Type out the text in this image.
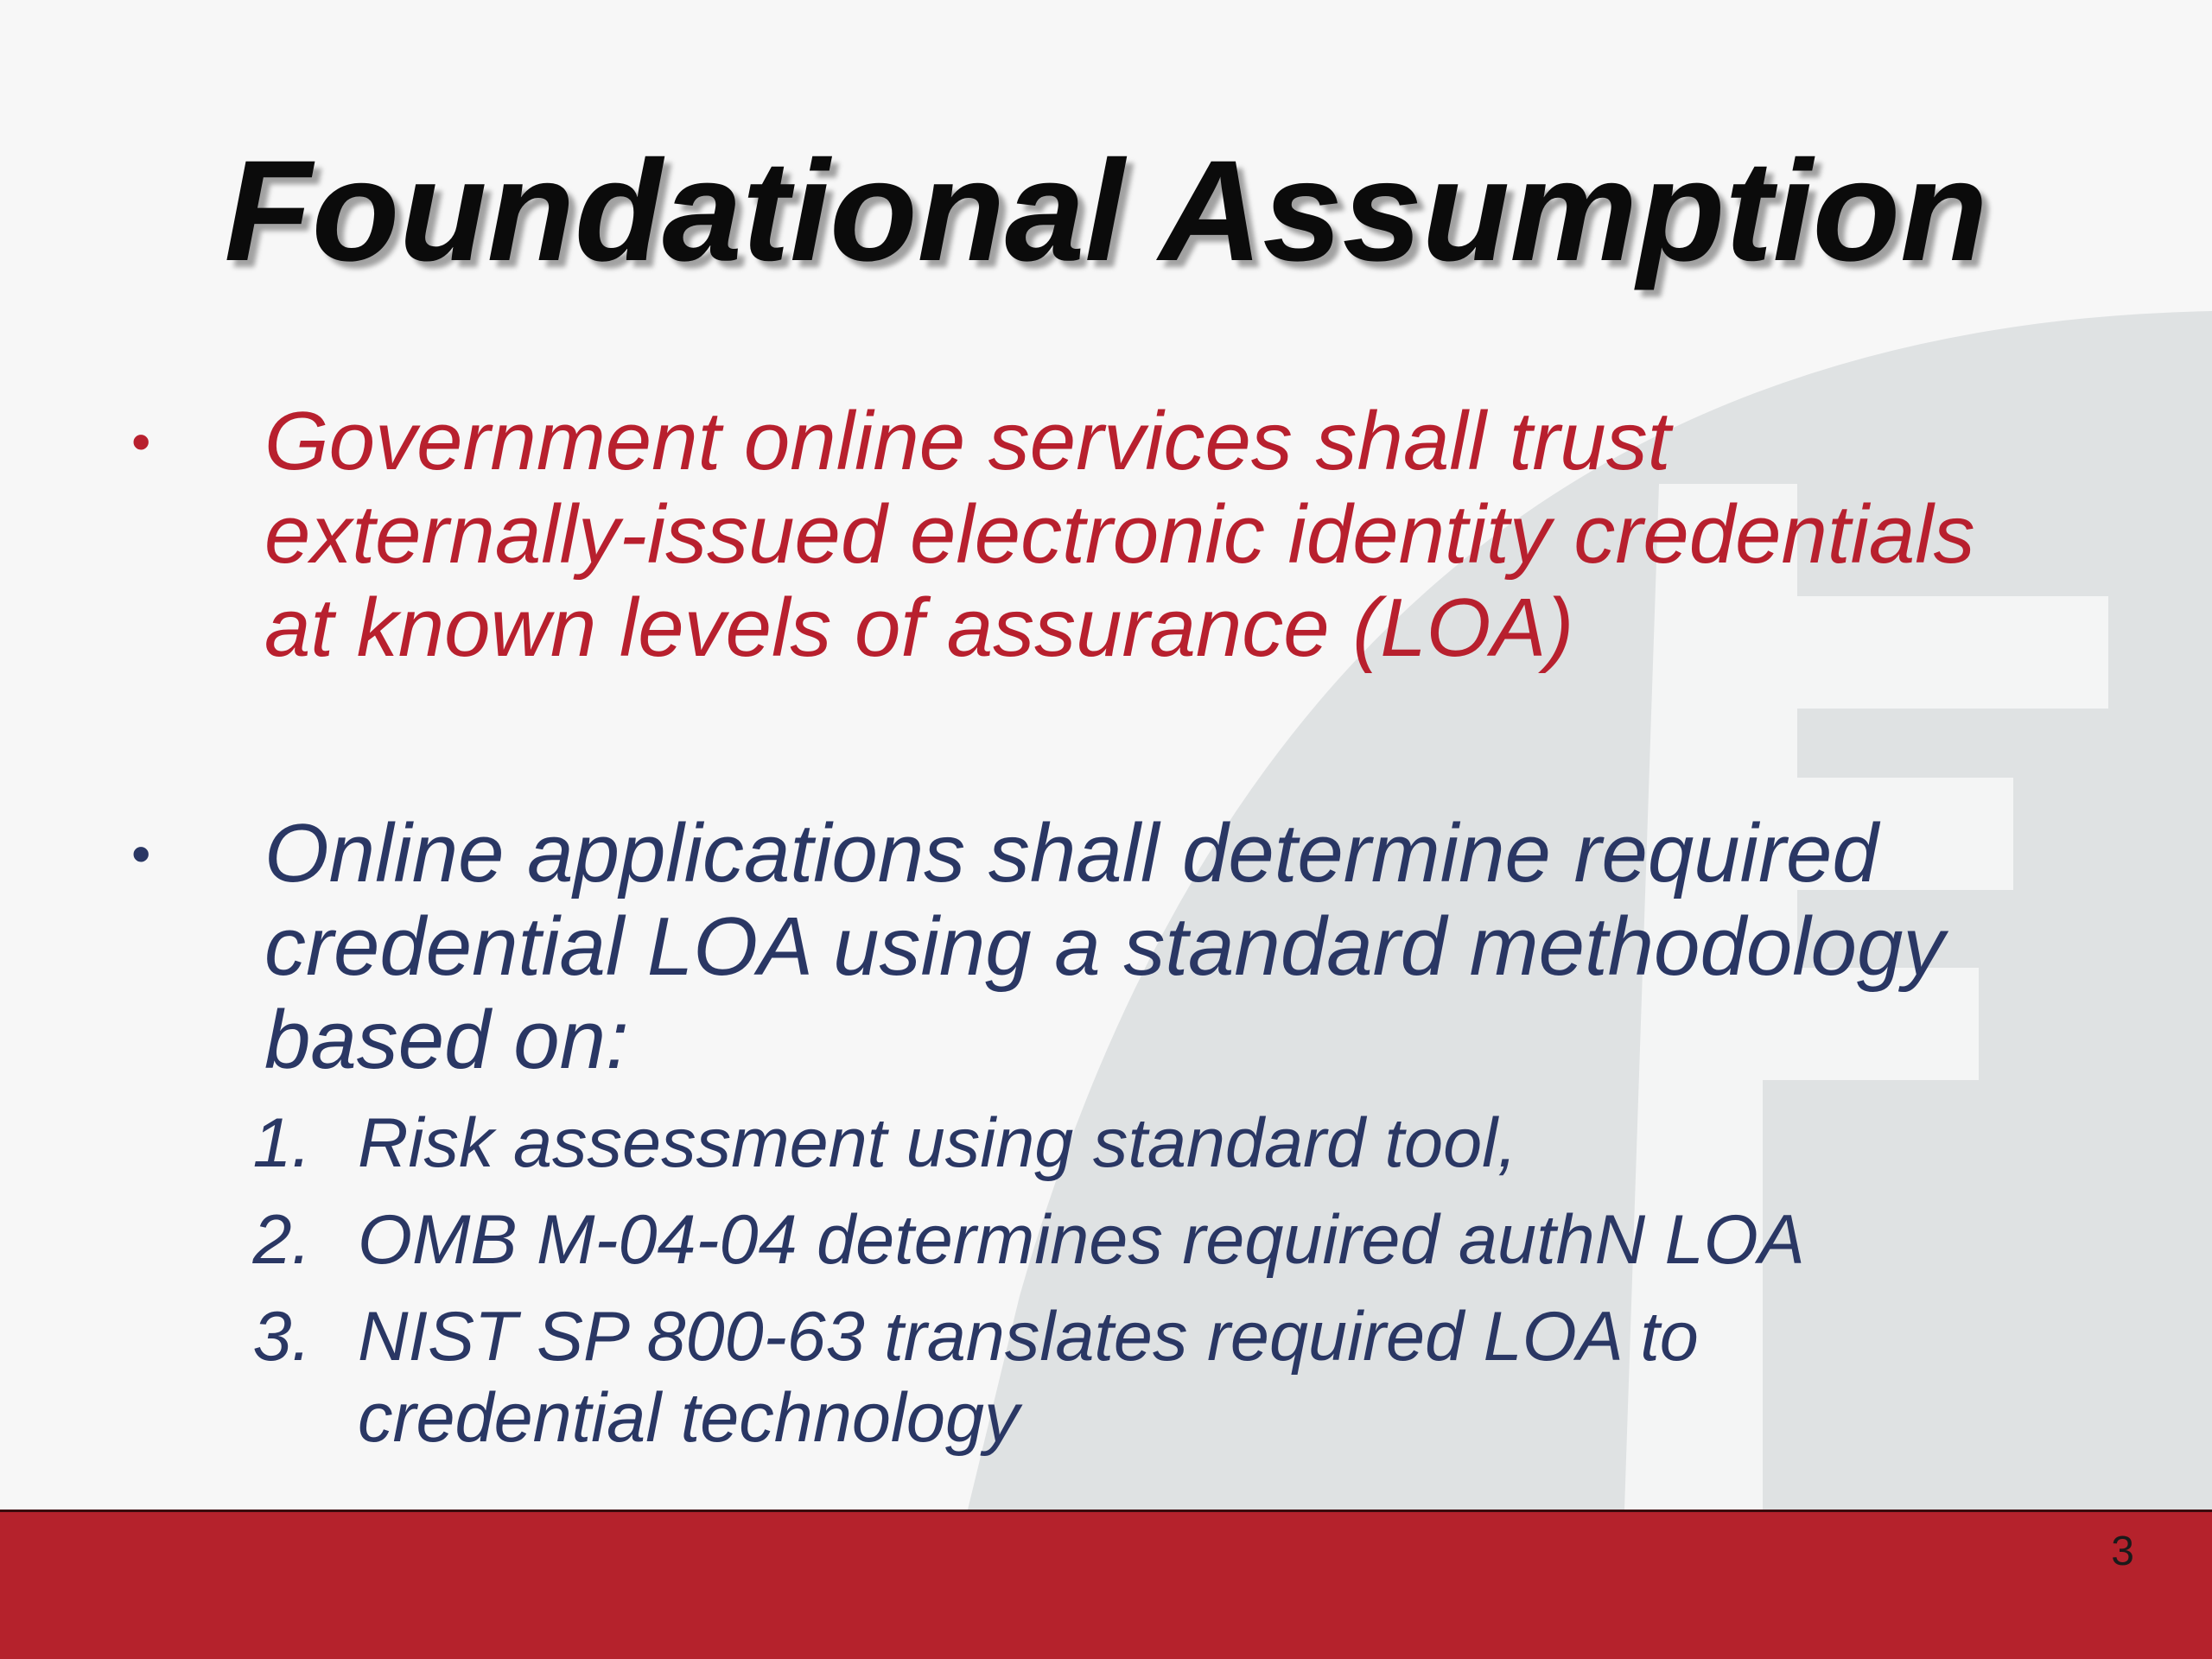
Foundational Assumption
• Government online services shall trust
externally-issued electronic identity credentials
at known levels of assurance (LOA)
• Online applications shall determine required
credential LOA using a standard methodology
based on:
1. Risk assessment using standard tool,
2. OMB M-04-04 determines required authN LOA
3. NIST SP 800-63 translates required LOA to
credential technology
3
